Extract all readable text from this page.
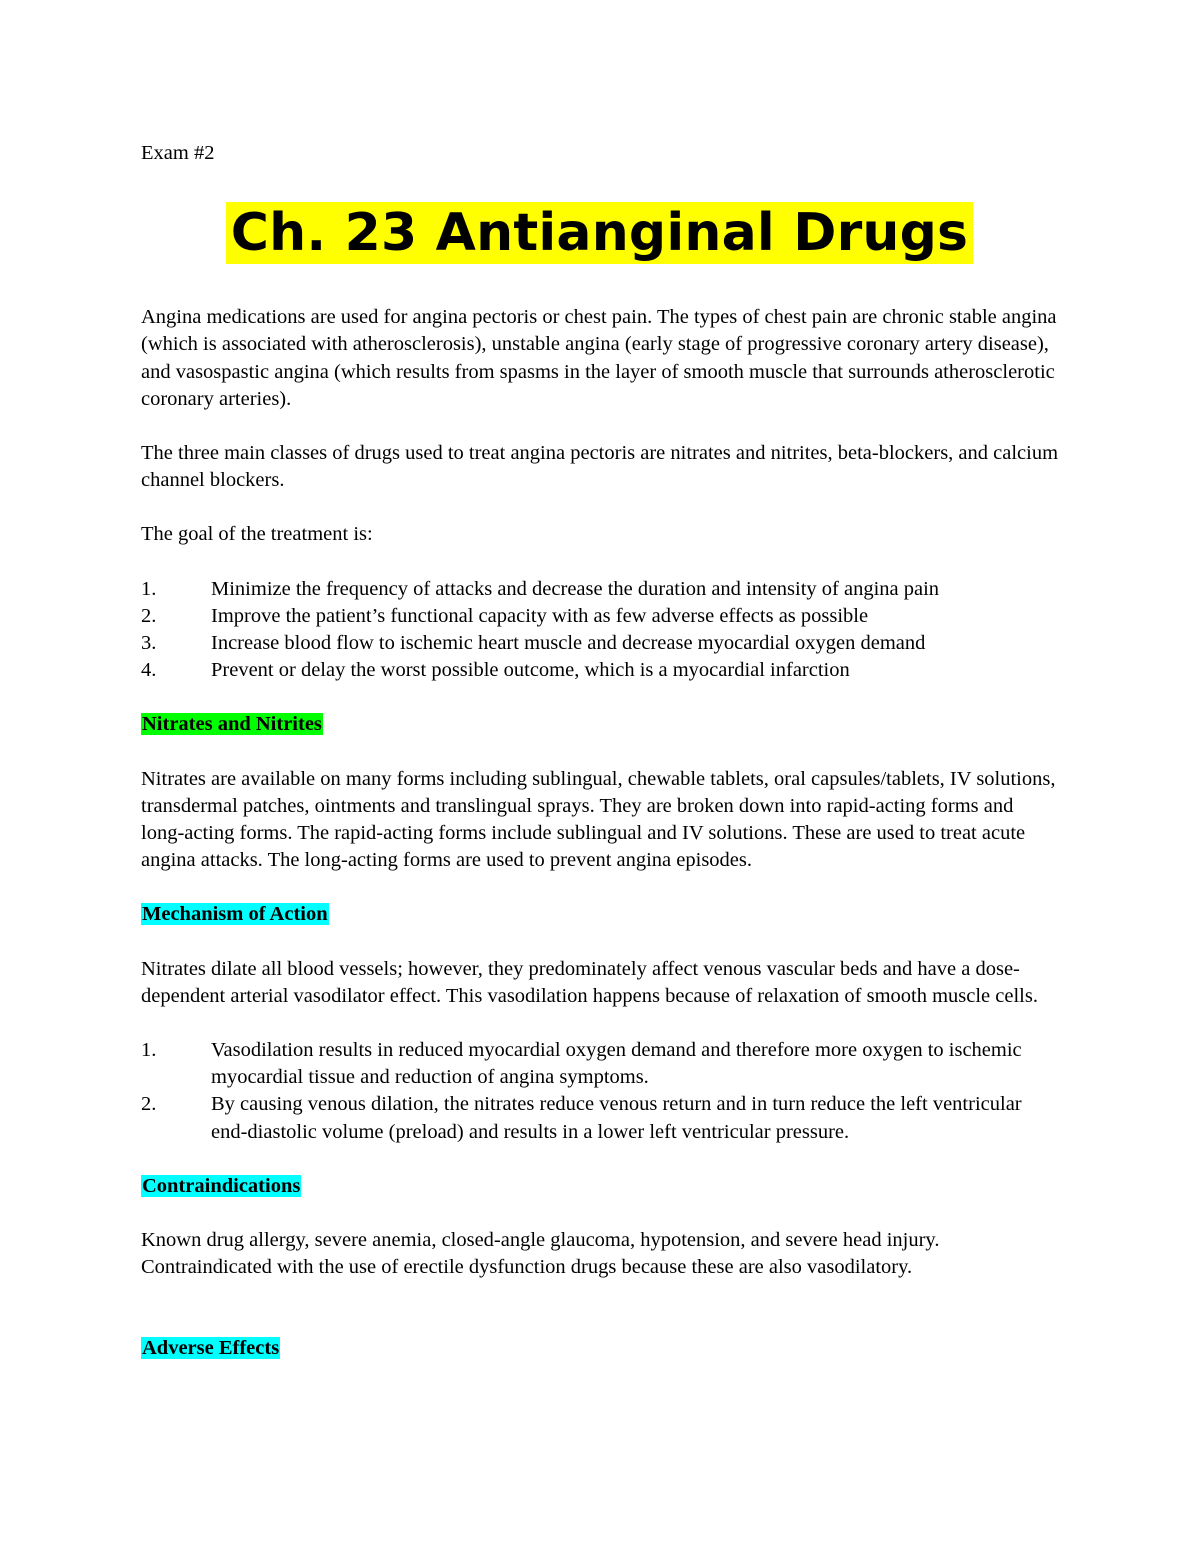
Exam #2

Ch. 23 Antianginal Drugs

Angina medications are used for angina pectoris or chest pain. The types of chest pain are chronic stable angina (which is associated with atherosclerosis), unstable angina (early stage of progressive coronary artery disease), and vasospastic angina (which results from spasms in the layer of smooth muscle that surrounds atherosclerotic coronary arteries).

The three main classes of drugs used to treat angina pectoris are nitrates and nitrites, beta-blockers, and calcium channel blockers.

The goal of the treatment is:

1.	Minimize the frequency of attacks and decrease the duration and intensity of angina pain
2.	Improve the patient’s functional capacity with as few adverse effects as possible
3.	Increase blood flow to ischemic heart muscle and decrease myocardial oxygen demand
4.	Prevent or delay the worst possible outcome, which is a myocardial infarction

Nitrates and Nitrites

Nitrates are available on many forms including sublingual, chewable tablets, oral capsules/tablets, IV solutions, transdermal patches, ointments and translingual sprays. They are broken down into rapid-acting forms and long-acting forms. The rapid-acting forms include sublingual and IV solutions. These are used to treat acute angina attacks. The long-acting forms are used to prevent angina episodes.

Mechanism of Action

Nitrates dilate all blood vessels; however, they predominately affect venous vascular beds and have a dose-dependent arterial vasodilator effect. This vasodilation happens because of relaxation of smooth muscle cells.

1.	Vasodilation results in reduced myocardial oxygen demand and therefore more oxygen to ischemic myocardial tissue and reduction of angina symptoms.
2.	By causing venous dilation, the nitrates reduce venous return and in turn reduce the left ventricular end-diastolic volume (preload) and results in a lower left ventricular pressure.

Contraindications

Known drug allergy, severe anemia, closed-angle glaucoma, hypotension, and severe head injury. Contraindicated with the use of erectile dysfunction drugs because these are also vasodilatory.

Adverse Effects
